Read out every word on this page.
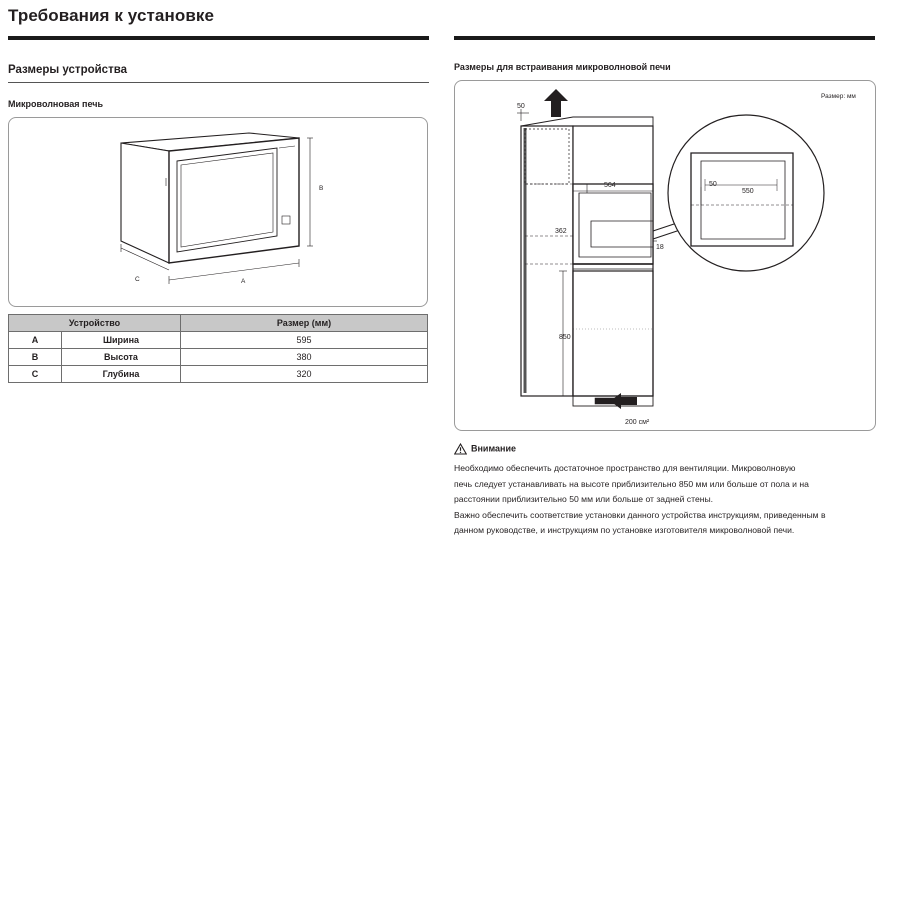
Требования к установке
Размеры устройства
Микроволновая печь
B
A
C
Устройство		Размер (мм)
A	Ширина	595
B	Высота	380
C	Глубина	320
Размеры для встраивания микроволновой печи
Размер: мм
50
564
362
18
850
200 см²
50
550
Внимание

Необходимо обеспечить достаточное пространство для вентиляции. Микроволновую

печь следует устанавливать на высоте приблизительно 850 мм или больше от пола и на

расстоянии приблизительно 50 мм или больше от задней стены.

Важно обеспечить соответствие установки данного устройства инструкциям, приведенным в

данном руководстве, и инструкциям по установке изготовителя микроволновой печи.
